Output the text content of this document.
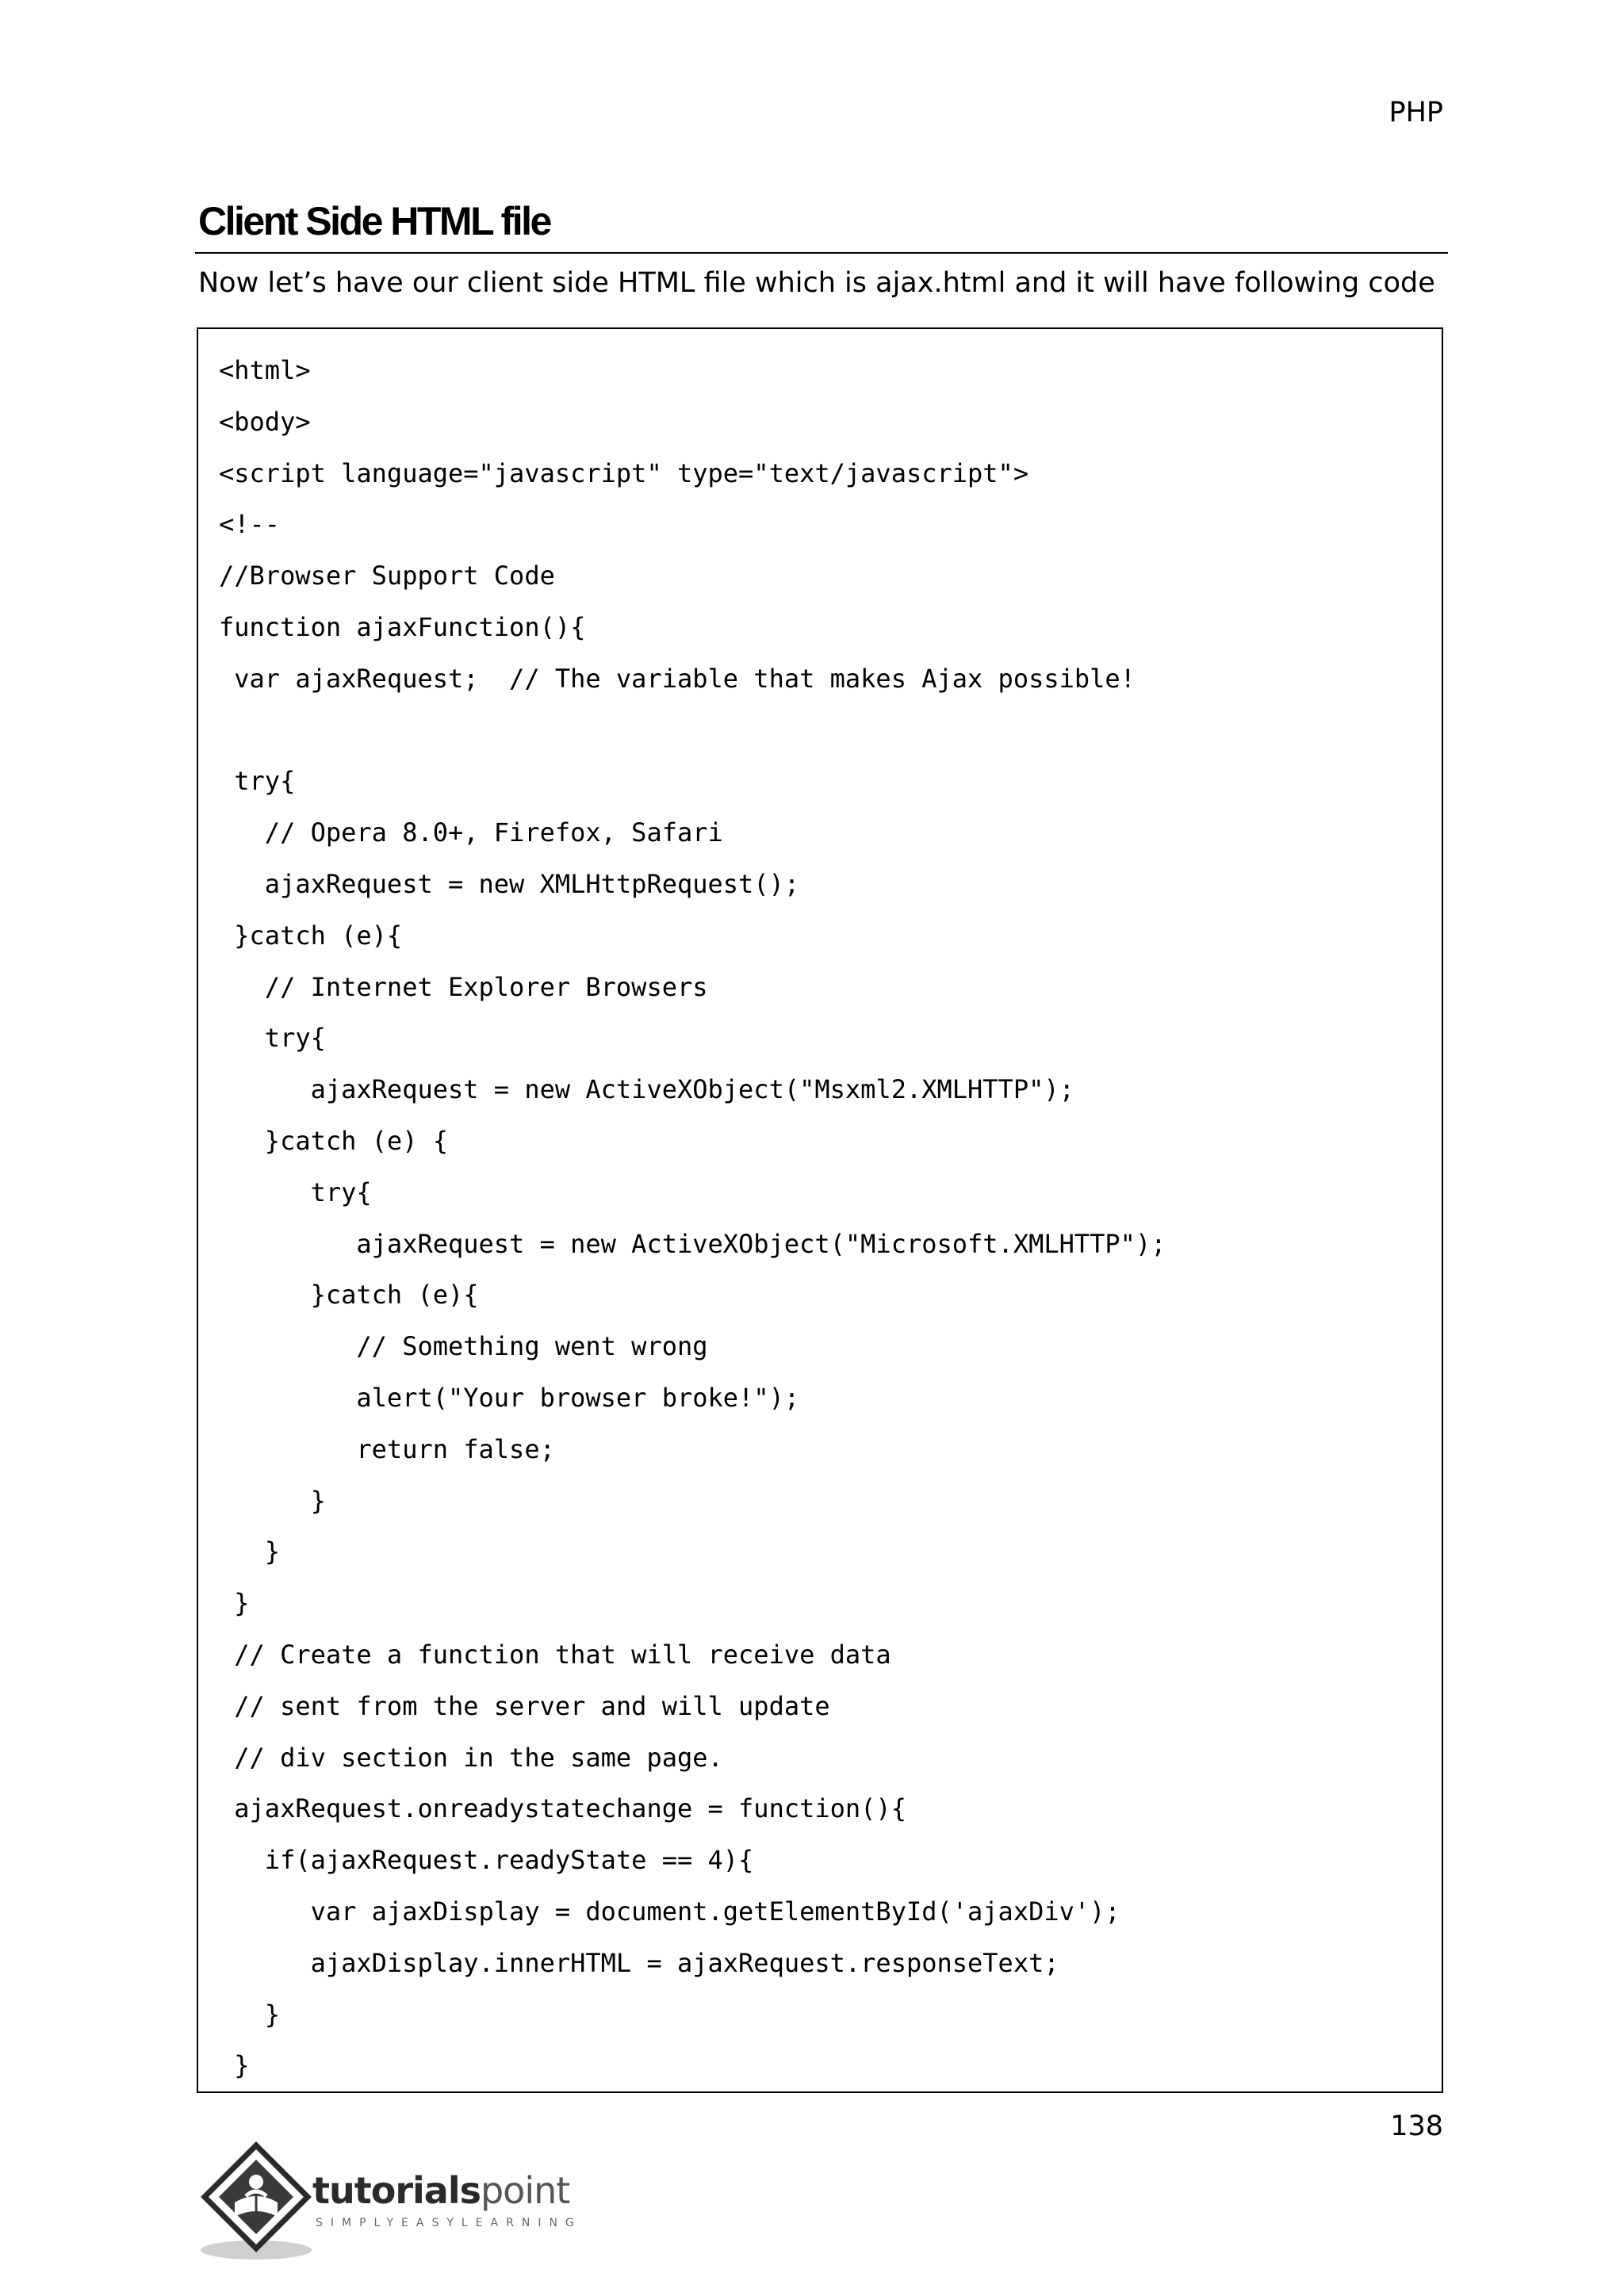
PHP
Client Side HTML file
Now let’s have our client side HTML file which is ajax.html and it will have following code
<html>
<body>
<script language="javascript" type="text/javascript">
<!--
//Browser Support Code
function ajaxFunction(){
var ajaxRequest;  // The variable that makes Ajax possible!
try{
// Opera 8.0+, Firefox, Safari
ajaxRequest = new XMLHttpRequest();
}catch (e){
// Internet Explorer Browsers
try{
ajaxRequest = new ActiveXObject("Msxml2.XMLHTTP");
}catch (e) {
try{
ajaxRequest = new ActiveXObject("Microsoft.XMLHTTP");
}catch (e){
// Something went wrong
alert("Your browser broke!");
return false;
}
}
}
// Create a function that will receive data
// sent from the server and will update
// div section in the same page.
ajaxRequest.onreadystatechange = function(){
if(ajaxRequest.readyState == 4){
var ajaxDisplay = document.getElementById('ajaxDiv');
ajaxDisplay.innerHTML = ajaxRequest.responseText;
}
}
138
tutorialspoint
SIMPLYEASYLEARNING
